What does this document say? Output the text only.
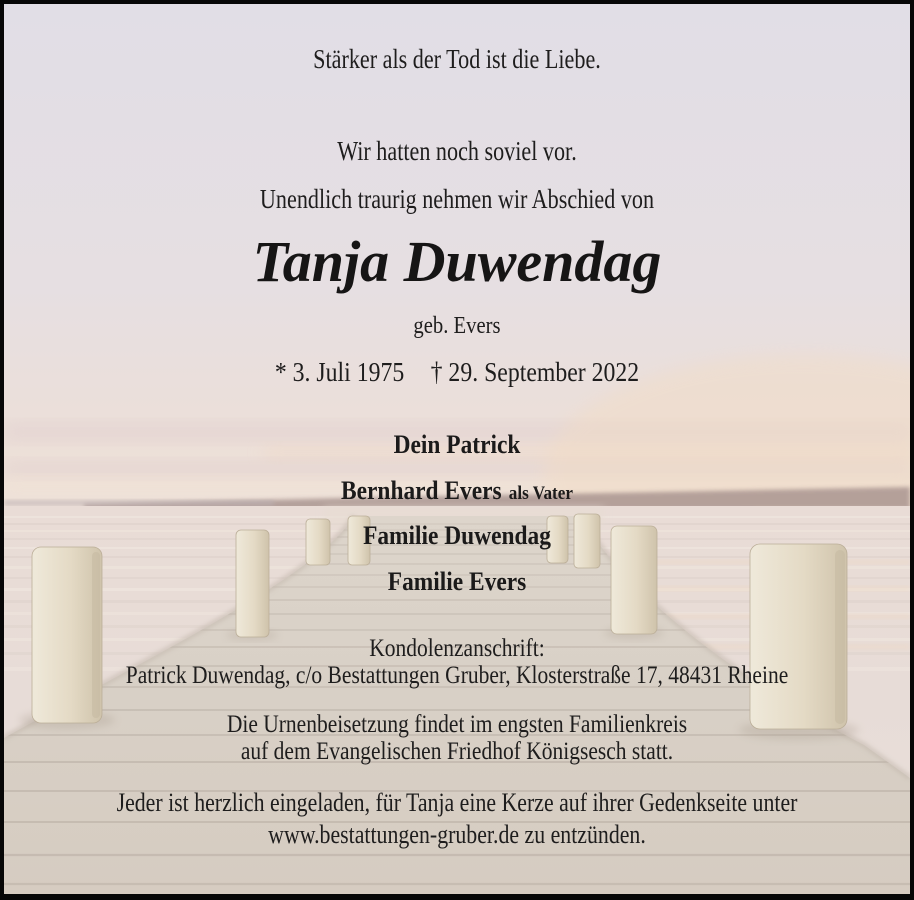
Stärker als der Tod ist die Liebe.
Wir hatten noch soviel vor.
Unendlich traurig nehmen wir Abschied von
Tanja Duwendag
geb. Evers
* 3. Juli 1975 † 29. September 2022
Dein Patrick
Bernhard Evers als Vater
Familie Duwendag
Familie Evers
Kondolenzanschrift:
Patrick Duwendag, c/o Bestattungen Gruber, Klosterstraße 17, 48431 Rheine
Die Urnenbeisetzung findet im engsten Familienkreis
auf dem Evangelischen Friedhof Königsesch statt.
Jeder ist herzlich eingeladen, für Tanja eine Kerze auf ihrer Gedenkseite unter
www.bestattungen-gruber.de zu entzünden.
